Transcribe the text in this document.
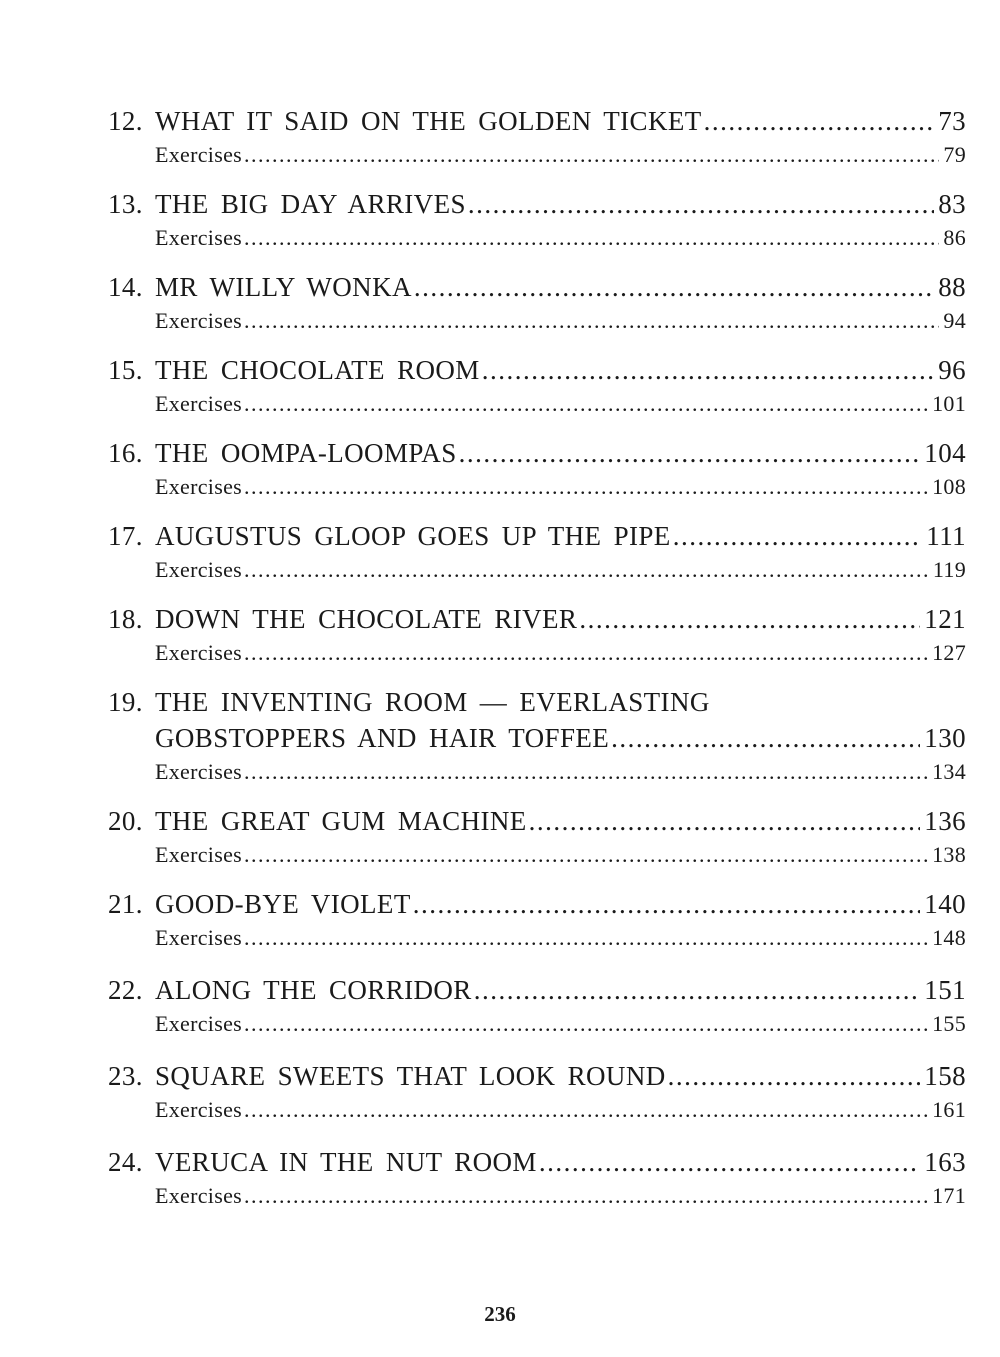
12. WHAT IT SAID ON THE GOLDEN TICKET .....	73
Exercises .....	79
13. THE BIG DAY ARRIVES .....	83
Exercises .....	86
14. MR WILLY WONKA .....	88
Exercises .....	94
15. THE CHOCOLATE ROOM .....	96
Exercises .....	101
16. THE OOMPA-LOOMPAS .....	104
Exercises .....	108
17. AUGUSTUS GLOOP GOES UP THE PIPE .....	111
Exercises .....	119
18. DOWN THE CHOCOLATE RIVER .....	121
Exercises .....	127
19. THE INVENTING ROOM — EVERLASTING
GOBSTOPPERS AND HAIR TOFFEE .....	130
Exercises .....	134
20. THE GREAT GUM MACHINE .....	136
Exercises .....	138
21. GOOD-BYE VIOLET .....	140
Exercises .....	148
22. ALONG THE CORRIDOR .....	151
Exercises .....	155
23. SQUARE SWEETS THAT LOOK ROUND .....	158
Exercises .....	161
24. VERUCA IN THE NUT ROOM .....	163
Exercises .....	171
236
